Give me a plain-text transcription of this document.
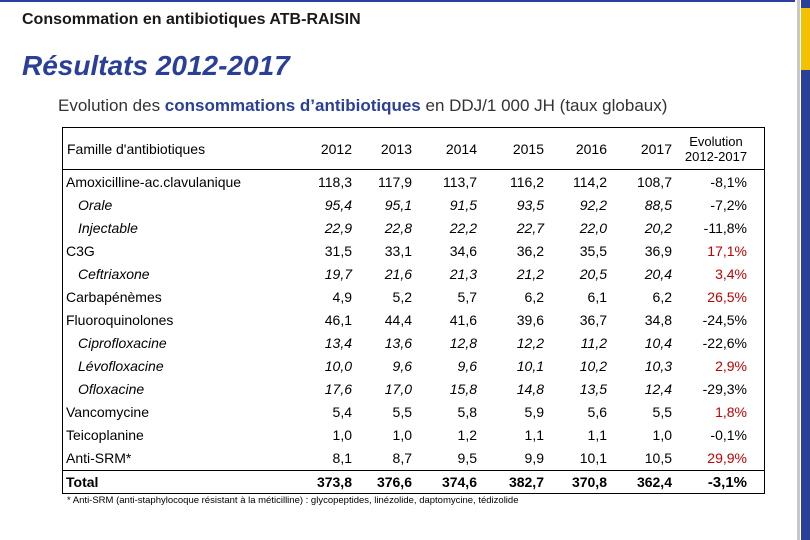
Consommation en antibiotiques ATB-RAISIN
Résultats 2012-2017
Evolution des consommations d’antibiotiques en DDJ/1 000 JH (taux globaux)
Famille d'antibiotiques	2012	2013	2014	2015	2016	2017	Evolution
2012-2017
Amoxicilline-ac.clavulanique	118,3	117,9	113,7	116,2	114,2	108,7	-8,1%
Orale	95,4	95,1	91,5	93,5	92,2	88,5	-7,2%
Injectable	22,9	22,8	22,2	22,7	22,0	20,2	-11,8%
C3G	31,5	33,1	34,6	36,2	35,5	36,9	17,1%
Ceftriaxone	19,7	21,6	21,3	21,2	20,5	20,4	3,4%
Carbapénèmes	4,9	5,2	5,7	6,2	6,1	6,2	26,5%
Fluoroquinolones	46,1	44,4	41,6	39,6	36,7	34,8	-24,5%
Ciprofloxacine	13,4	13,6	12,8	12,2	11,2	10,4	-22,6%
Lévofloxacine	10,0	9,6	9,6	10,1	10,2	10,3	2,9%
Ofloxacine	17,6	17,0	15,8	14,8	13,5	12,4	-29,3%
Vancomycine	5,4	5,5	5,8	5,9	5,6	5,5	1,8%
Teicoplanine	1,0	1,0	1,2	1,1	1,1	1,0	-0,1%
Anti-SRM*	8,1	8,7	9,5	9,9	10,1	10,5	29,9%
Total	373,8	376,6	374,6	382,7	370,8	362,4	-3,1%
* Anti-SRM (anti-staphylocoque résistant à la méticilline) : glycopeptides, linézolide, daptomycine, tédizolide
